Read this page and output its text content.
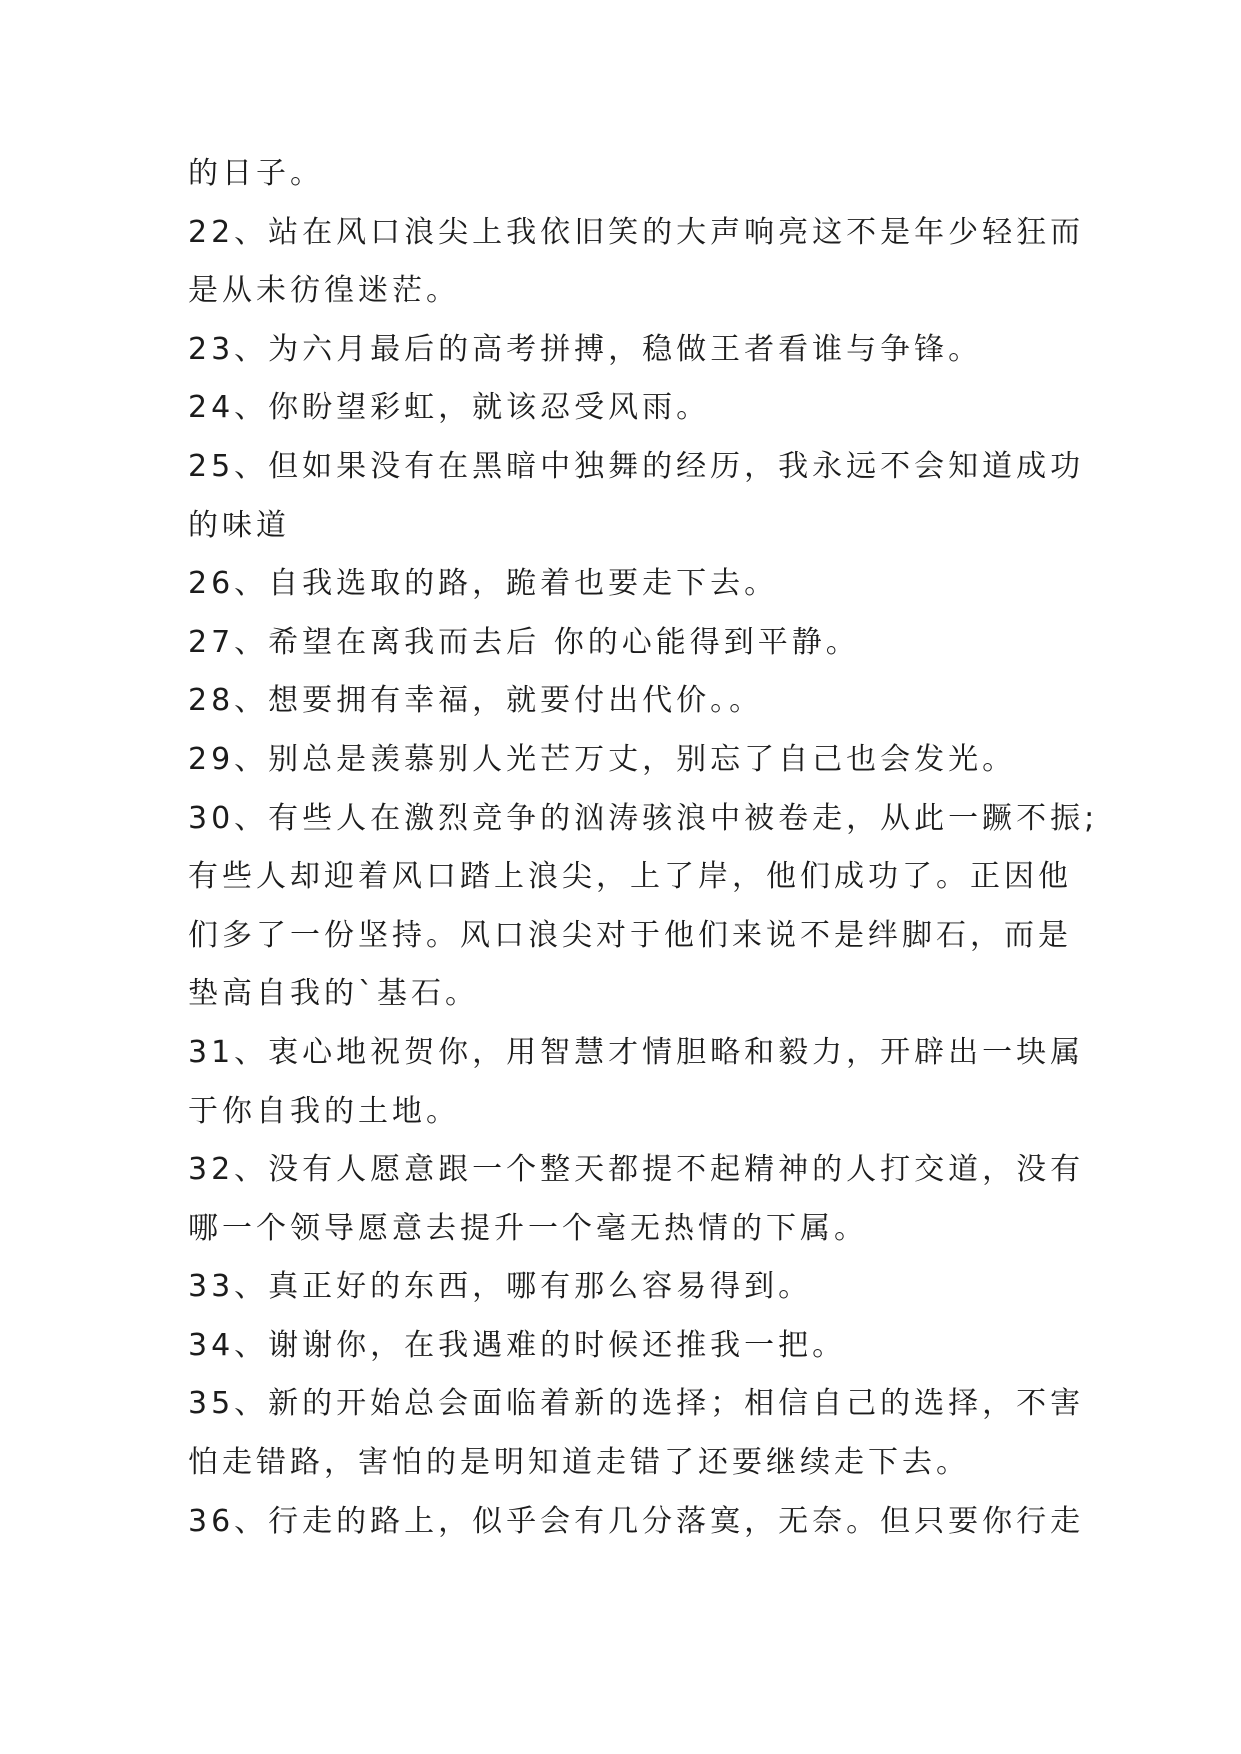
的日子。
22、站在风口浪尖上我依旧笑的大声响亮这不是年少轻狂而
是从未彷徨迷茫。
23、为六月最后的高考拼搏，稳做王者看谁与争锋。
24、你盼望彩虹，就该忍受风雨。
25、但如果没有在黑暗中独舞的经历，我永远不会知道成功
的味道
26、自我选取的路，跪着也要走下去。
27、希望在离我而去后 你的心能得到平静。
28、想要拥有幸福，就要付出代价。。
29、别总是羡慕别人光芒万丈，别忘了自己也会发光。
30、有些人在激烈竞争的汹涛骇浪中被卷走，从此一蹶不振;
有些人却迎着风口踏上浪尖，上了岸，他们成功了。正因他
们多了一份坚持。风口浪尖对于他们来说不是绊脚石，而是
垫高自我的`基石。
31、衷心地祝贺你，用智慧才情胆略和毅力，开辟出一块属
于你自我的土地。
32、没有人愿意跟一个整天都提不起精神的人打交道，没有
哪一个领导愿意去提升一个毫无热情的下属。
33、真正好的东西，哪有那么容易得到。
34、谢谢你，在我遇难的时候还推我一把。
35、新的开始总会面临着新的选择；相信自己的选择，不害
怕走错路，害怕的是明知道走错了还要继续走下去。
36、行走的路上，似乎会有几分落寞，无奈。但只要你行走
